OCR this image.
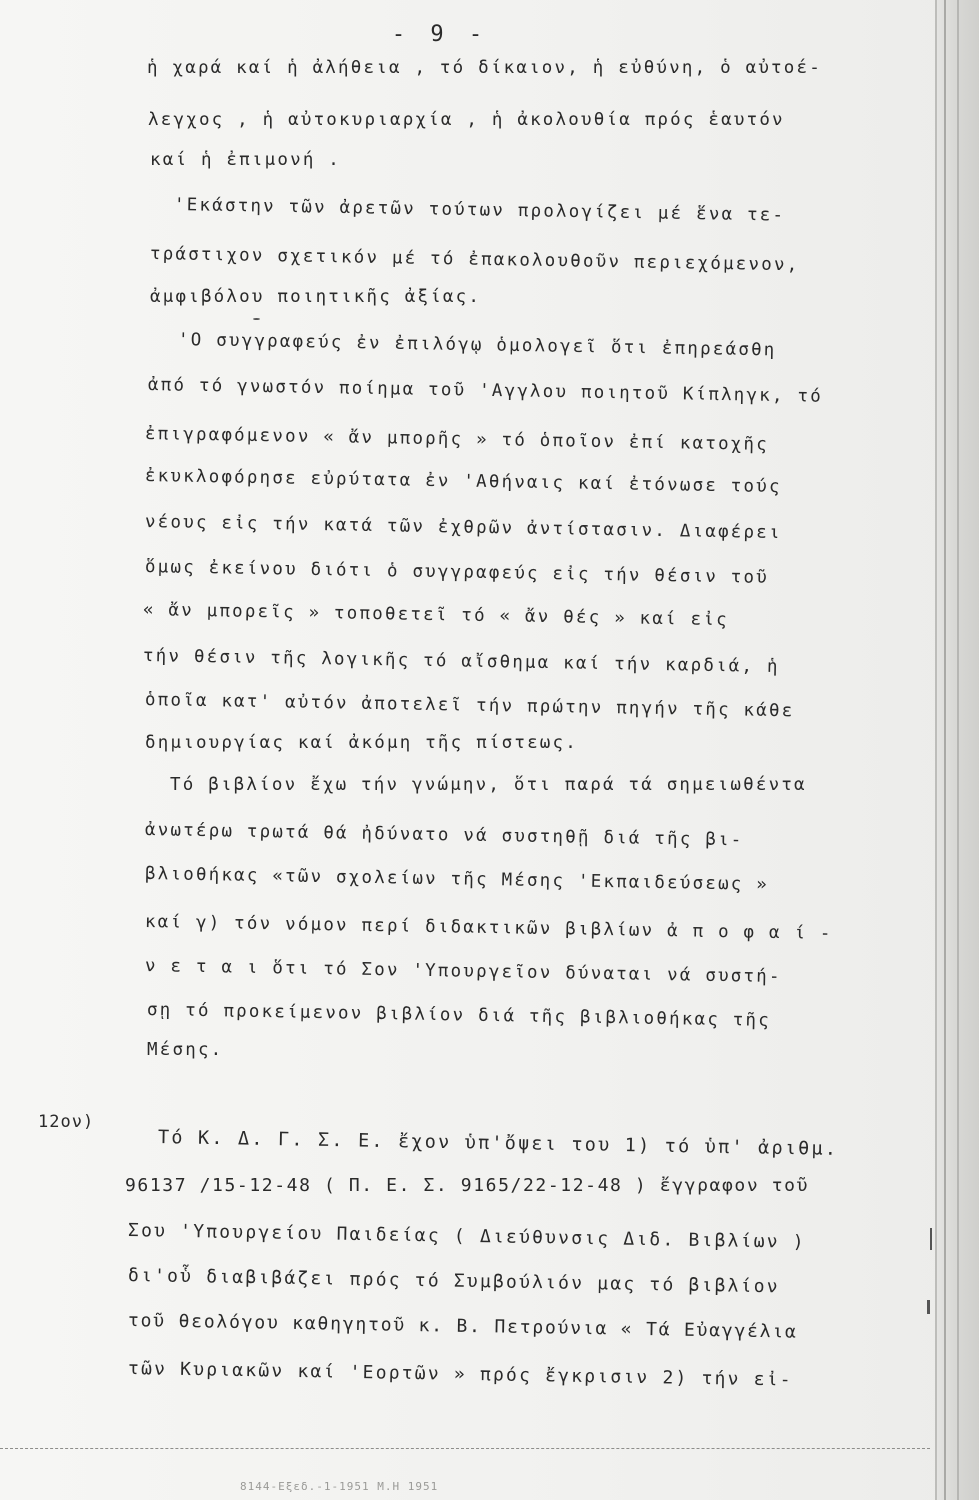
- 9 -
ἡ χαρά καί ἡ ἀλήθεια , τό δίκαιον, ἡ εὐθύνη, ὁ αὐτοέ-
λεγχος , ἡ αὐτοκυριαρχία , ἡ ἀκολουθία πρός ἑαυτόν
καί ἡ ἐπιμονή .
'Εκάστην τῶν ἀρετῶν τούτων προλογίζει μέ ἕνα τε-
τράστιχον σχετικόν μέ τό ἐπακολουθοῦν περιεχόμενον,
ἀμφιβόλου ποιητικῆς ἀξίας.
'Ο συγγραφεύς ἐν ἐπιλόγῳ ὁμολογεῖ ὅτι ἐπηρεάσθη
ἀπό τό γνωστόν ποίημα τοῦ 'Αγγλου ποιητοῦ Κίπληγκ, τό
ἐπιγραφόμενον « ἄν μπορῆς » τό ὁποῖον ἐπί κατοχῆς
ἐκυκλοφόρησε εὐρύτατα ἐν 'Αθήναις καί ἐτόνωσε τούς
νέους εἰς τήν κατά τῶν ἐχθρῶν ἀντίστασιν. Διαφέρει
ὅμως ἐκείνου διότι ὁ συγγραφεύς εἰς τήν θέσιν τοῦ
« ἄν μπορεῖς » τοποθετεῖ τό « ἄν θές » καί εἰς
τήν θέσιν τῆς λογικῆς τό αἴσθημα καί τήν καρδιά, ἡ
ὁποῖα κατ' αὐτόν ἀποτελεῖ τήν πρώτην πηγήν τῆς κάθε
δημιουργίας καί ἀκόμη τῆς πίστεως.
Τό βιβλίον ἔχω τήν γνώμην, ὅτι παρά τά σημειωθέντα
ἀνωτέρω τρωτά θά ἠδύνατο νά συστηθῇ διά τῆς βι-
βλιοθήκας «τῶν σχολείων τῆς Μέσης 'Εκπαιδεύσεως »
καί γ) τόν νόμον περί διδακτικῶν βιβλίων ἀ π ο φ α ί -
ν ε τ α ι ὅτι τό Σον 'Υπουργεῖον δύναται νά συστή-
σῃ τό προκείμενον βιβλίον διά τῆς βιβλιοθήκας τῆς
Μέσης.
Τό Κ. Δ. Γ. Σ. Ε. ἔχον ὑπ'ὄψει του 1) τό ὑπ' ἀριθμ.
96137 /15-12-48 ( Π. Ε. Σ. 9165/22-12-48 ) ἔγγραφον τοῦ
Σου 'Υπουργείου Παιδείας ( Διεύθυνσις Διδ. Βιβλίων )
δι'οὗ διαβιβάζει πρός τό Συμβούλιόν μας τό βιβλίον
τοῦ θεολόγου καθηγητοῦ κ. Β. Πετρούνια « Τά Εὐαγγέλια
τῶν Κυριακῶν καί 'Εορτῶν » πρός ἔγκρισιν 2) τήν εἰ-
12ον)
8144-Εξεδ.-1-1951 Μ.Η 1951
